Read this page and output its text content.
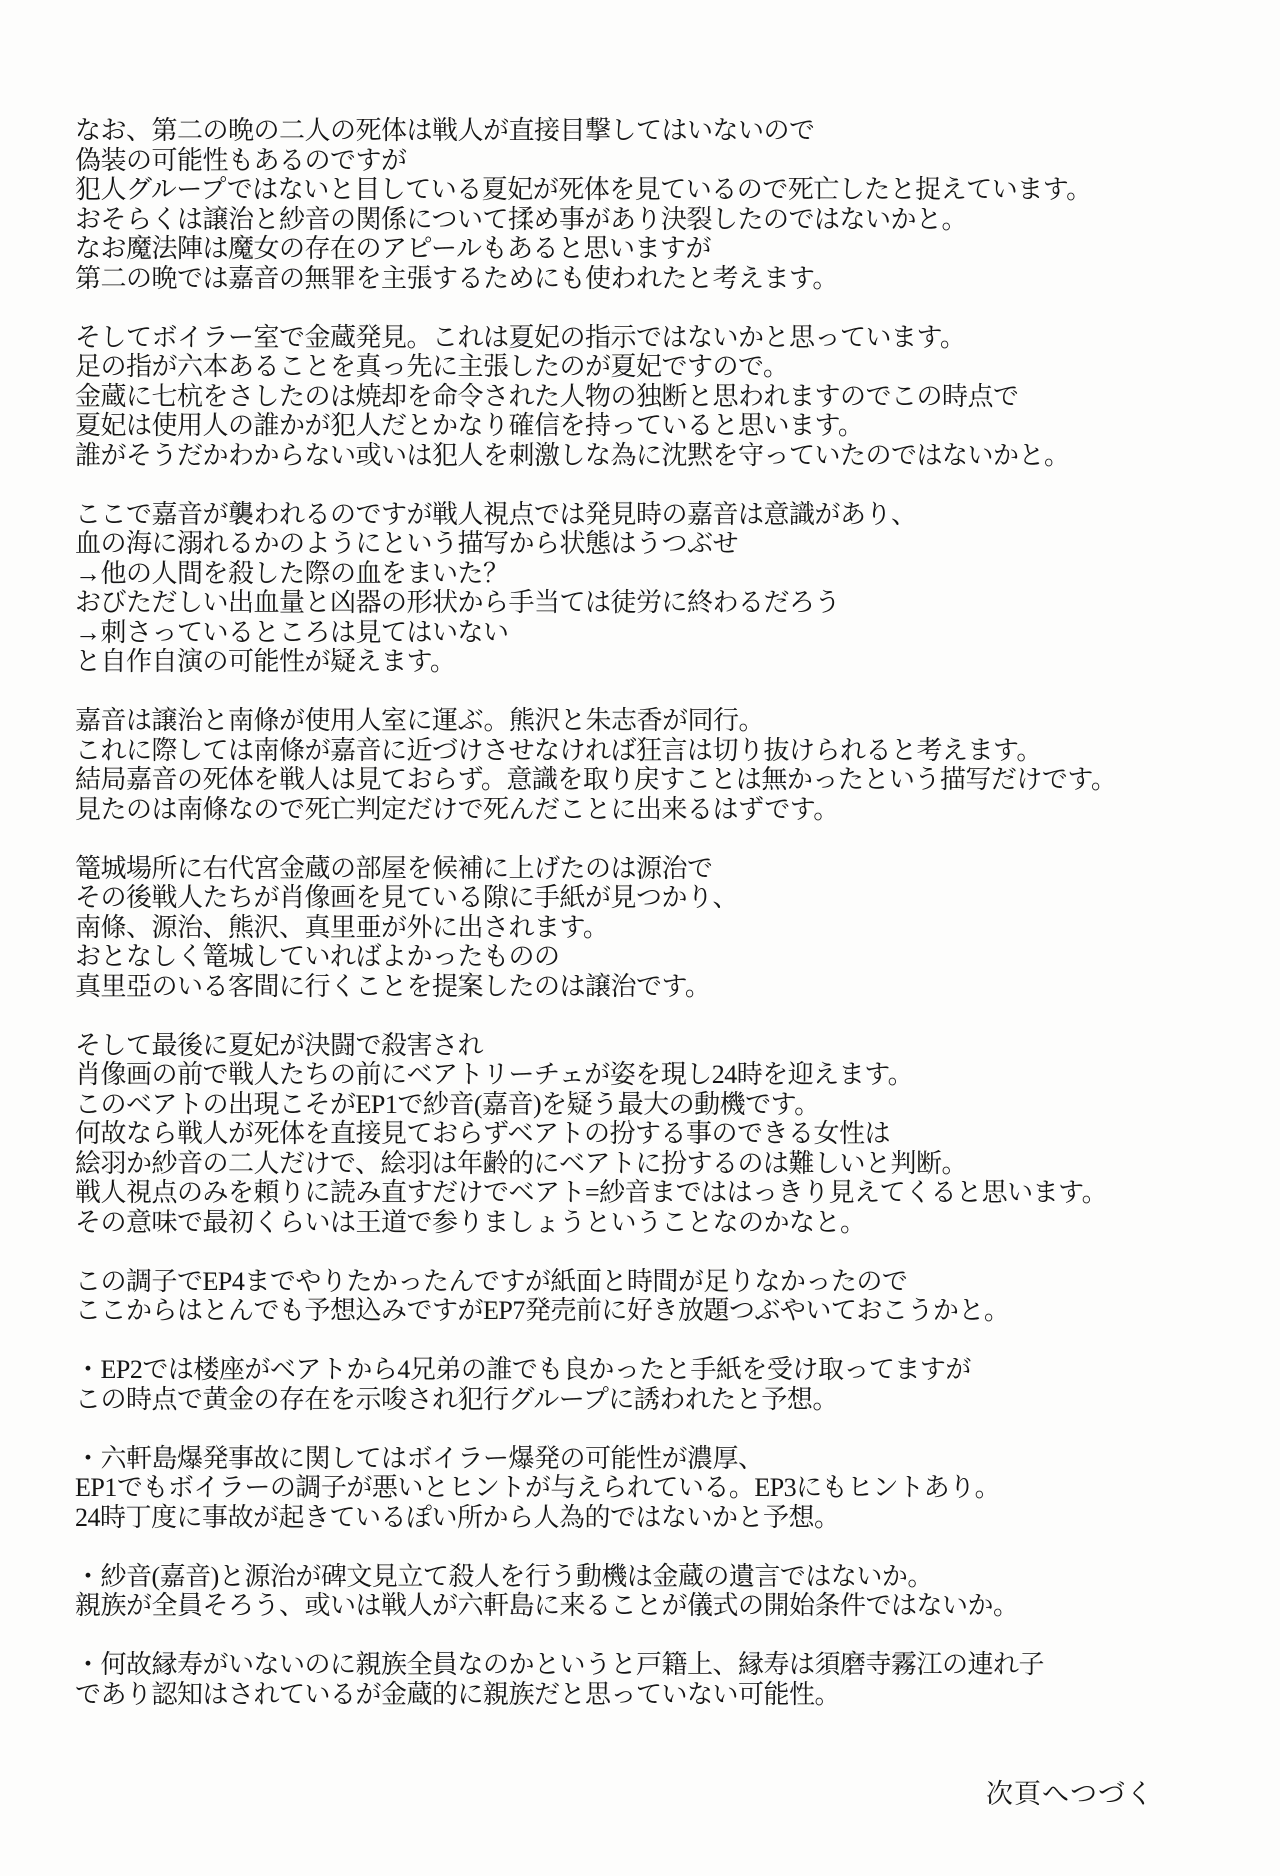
なお、第二の晩の二人の死体は戦人が直接目撃してはいないので
偽装の可能性もあるのですが
犯人グループではないと目している夏妃が死体を見ているので死亡したと捉えています。
おそらくは譲治と紗音の関係について揉め事があり決裂したのではないかと。
なお魔法陣は魔女の存在のアピールもあると思いますが
第二の晩では嘉音の無罪を主張するためにも使われたと考えます。
そしてボイラー室で金蔵発見。これは夏妃の指示ではないかと思っています。
足の指が六本あることを真っ先に主張したのが夏妃ですので。
金蔵に七杭をさしたのは焼却を命令された人物の独断と思われますのでこの時点で
夏妃は使用人の誰かが犯人だとかなり確信を持っていると思います。
誰がそうだかわからない或いは犯人を刺激しな為に沈黙を守っていたのではないかと。
ここで嘉音が襲われるのですが戦人視点では発見時の嘉音は意識があり、
血の海に溺れるかのようにという描写から状態はうつぶせ
→他の人間を殺した際の血をまいた？
おびただしい出血量と凶器の形状から手当ては徒労に終わるだろう
→刺さっているところは見てはいない
と自作自演の可能性が疑えます。
嘉音は譲治と南條が使用人室に運ぶ。熊沢と朱志香が同行。
これに際しては南條が嘉音に近づけさせなければ狂言は切り抜けられると考えます。
結局嘉音の死体を戦人は見ておらず。意識を取り戻すことは無かったという描写だけです。
見たのは南條なので死亡判定だけで死んだことに出来るはずです。
篭城場所に右代宮金蔵の部屋を候補に上げたのは源治で
その後戦人たちが肖像画を見ている隙に手紙が見つかり、
南條、源治、熊沢、真里亜が外に出されます。
おとなしく篭城していればよかったものの
真里亞のいる客間に行くことを提案したのは譲治です。
そして最後に夏妃が決闘で殺害され
肖像画の前で戦人たちの前にベアトリーチェが姿を現し24時を迎えます。
このベアトの出現こそがEP1で紗音(嘉音)を疑う最大の動機です。
何故なら戦人が死体を直接見ておらずベアトの扮する事のできる女性は
絵羽か紗音の二人だけで、絵羽は年齢的にベアトに扮するのは難しいと判断。
戦人視点のみを頼りに読み直すだけでベアト=紗音までははっきり見えてくると思います。
その意味で最初くらいは王道で参りましょうということなのかなと。
この調子でEP4までやりたかったんですが紙面と時間が足りなかったので
ここからはとんでも予想込みですがEP7発売前に好き放題つぶやいておこうかと。
・EP2では楼座がベアトから4兄弟の誰でも良かったと手紙を受け取ってますが
この時点で黄金の存在を示唆され犯行グループに誘われたと予想。
・六軒島爆発事故に関してはボイラー爆発の可能性が濃厚、
EP1でもボイラーの調子が悪いとヒントが与えられている。EP3にもヒントあり。
24時丁度に事故が起きているぽい所から人為的ではないかと予想。
・紗音(嘉音)と源治が碑文見立て殺人を行う動機は金蔵の遺言ではないか。
親族が全員そろう、或いは戦人が六軒島に来ることが儀式の開始条件ではないか。
・何故縁寿がいないのに親族全員なのかというと戸籍上、縁寿は須磨寺霧江の連れ子
であり認知はされているが金蔵的に親族だと思っていない可能性。
次頁へつづく
